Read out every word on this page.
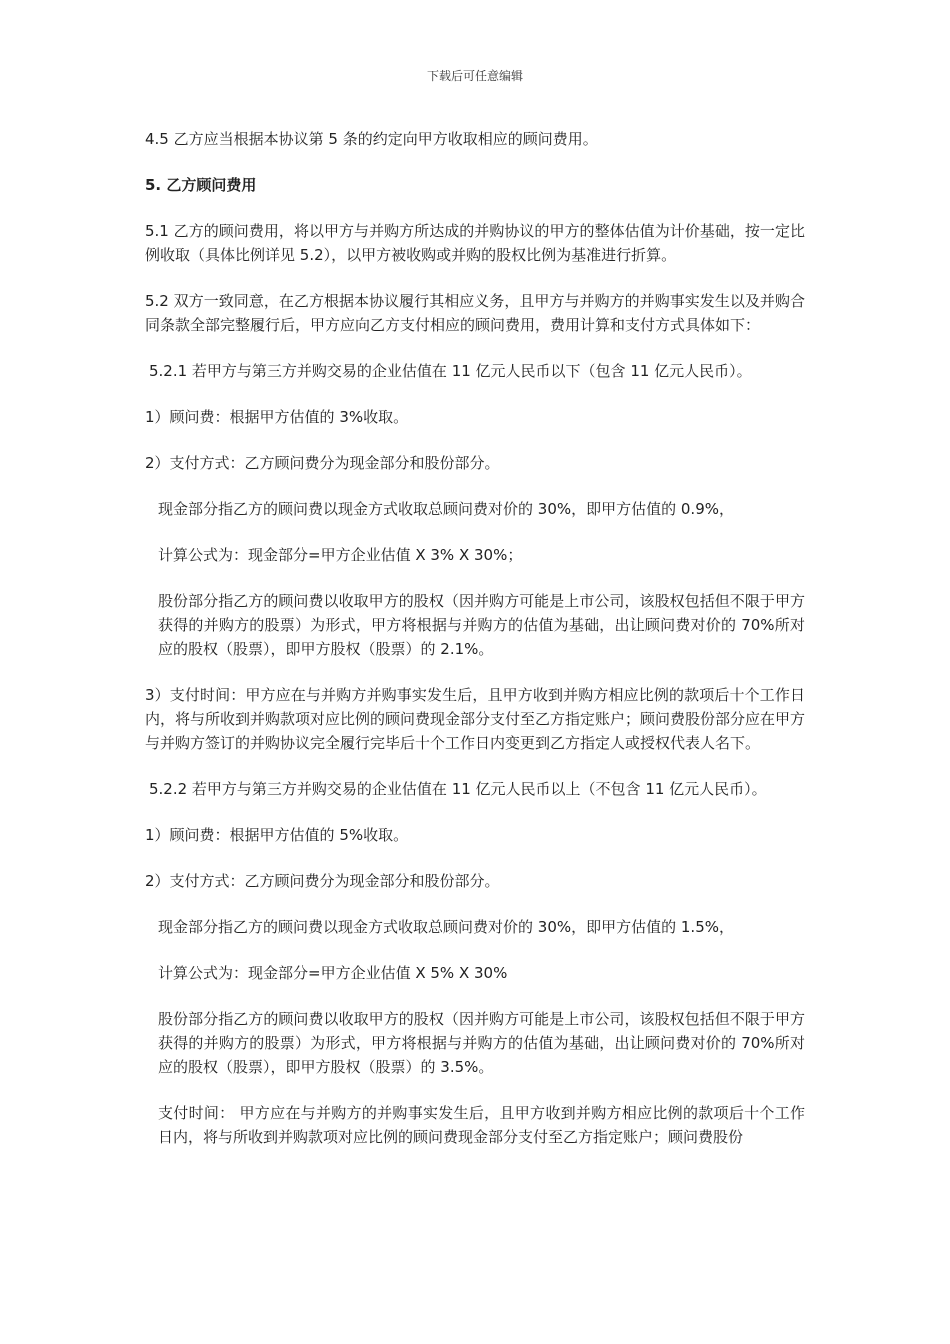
下载后可任意编辑

4.5 乙方应当根据本协议第 5 条的约定向甲方收取相应的顾问费用。

5. 乙方顾问费用

5.1 乙方的顾问费用，将以甲方与并购方所达成的并购协议的甲方的整体估值为计价基础，按一定比例收取（具体比例详见 5.2），以甲方被收购或并购的股权比例为基准进行折算。

5.2 双方一致同意，在乙方根据本协议履行其相应义务，且甲方与并购方的并购事实发生以及并购合同条款全部完整履行后，甲方应向乙方支付相应的顾问费用，费用计算和支付方式具体如下：

5.2.1 若甲方与第三方并购交易的企业估值在 11 亿元人民币以下（包含 11 亿元人民币）。

1）顾问费：根据甲方估值的 3%收取。

2）支付方式：乙方顾问费分为现金部分和股份部分。

现金部分指乙方的顾问费以现金方式收取总顾问费对价的 30%，即甲方估值的 0.9%，

计算公式为：现金部分=甲方企业估值 X 3% X 30%；

股份部分指乙方的顾问费以收取甲方的股权（因并购方可能是上市公司，该股权包括但不限于甲方获得的并购方的股票）为形式，甲方将根据与并购方的估值为基础，出让顾问费对价的 70%所对应的股权（股票），即甲方股权（股票）的 2.1%。

3）支付时间：甲方应在与并购方并购事实发生后，且甲方收到并购方相应比例的款项后十个工作日内，将与所收到并购款项对应比例的顾问费现金部分支付至乙方指定账户；顾问费股份部分应在甲方与并购方签订的并购协议完全履行完毕后十个工作日内变更到乙方指定人或授权代表人名下。

5.2.2 若甲方与第三方并购交易的企业估值在 11 亿元人民币以上（不包含 11 亿元人民币）。

1）顾问费：根据甲方估值的 5%收取。

2）支付方式：乙方顾问费分为现金部分和股份部分。

现金部分指乙方的顾问费以现金方式收取总顾问费对价的 30%，即甲方估值的 1.5%，

计算公式为：现金部分=甲方企业估值 X 5% X 30%

股份部分指乙方的顾问费以收取甲方的股权（因并购方可能是上市公司，该股权包括但不限于甲方获得的并购方的股票）为形式，甲方将根据与并购方的估值为基础，出让顾问费对价的 70%所对应的股权（股票），即甲方股权（股票）的 3.5%。

支付时间： 甲方应在与并购方的并购事实发生后，且甲方收到并购方相应比例的款项后十个工作日内，将与所收到并购款项对应比例的顾问费现金部分支付至乙方指定账户；顾问费股份
